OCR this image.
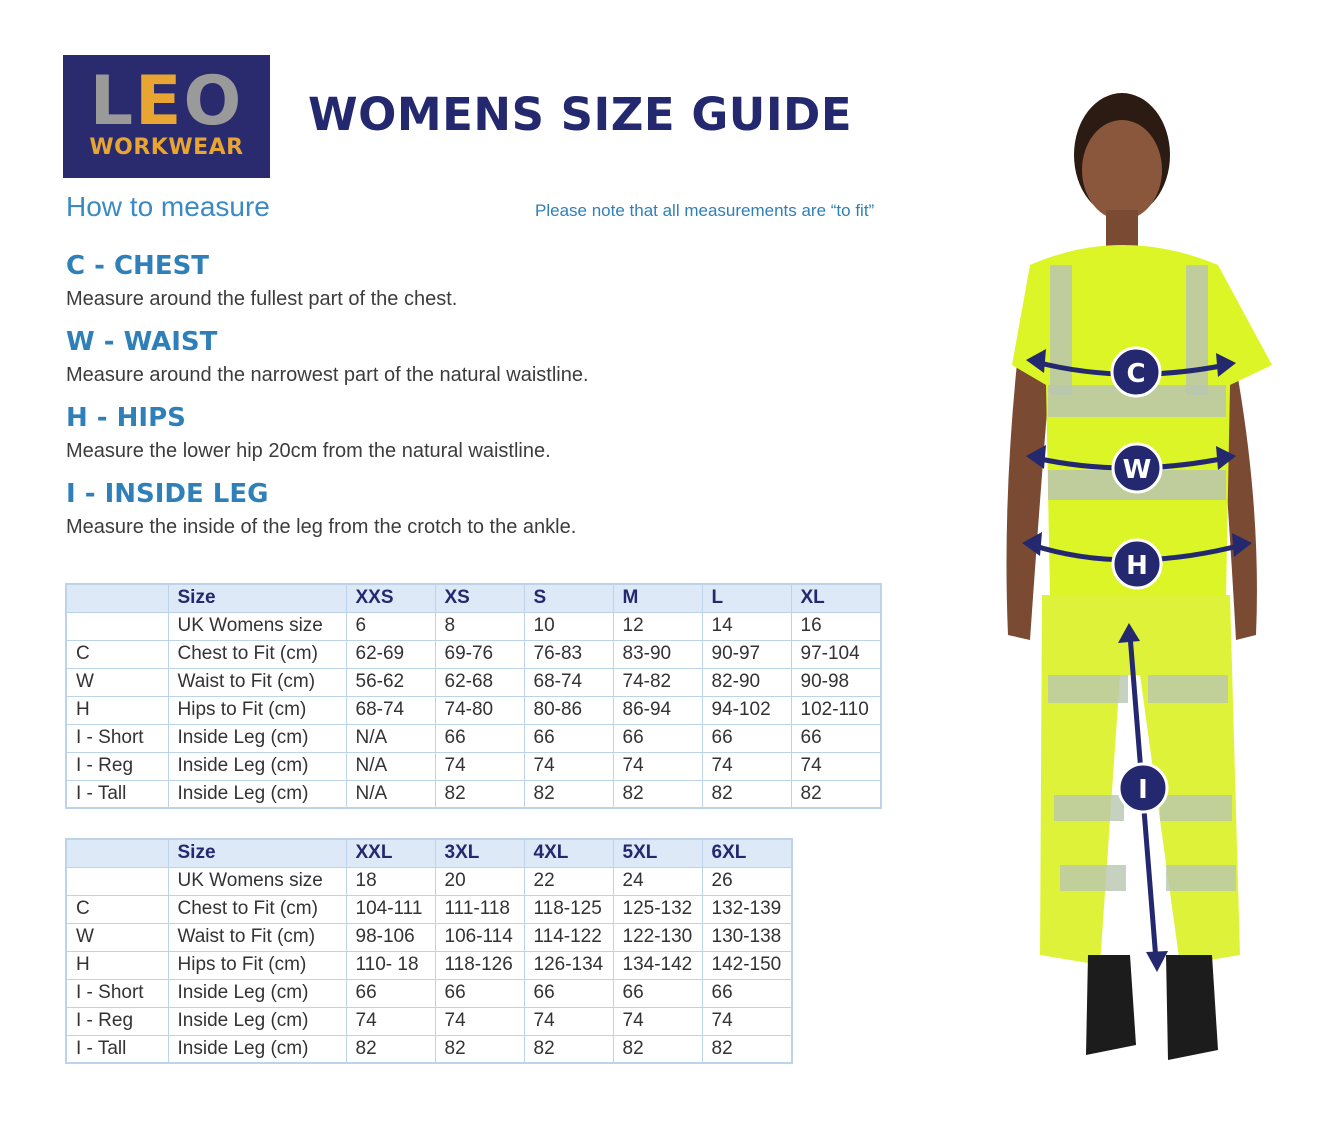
LEO
WORKWEAR
WOMENS SIZE GUIDE
How to measure	Please note that all measurements are “to fit”
C - CHEST
Measure around the fullest part of the chest.
W - WAIST
Measure around the narrowest part of the natural waistline.
H - HIPS
Measure the lower hip 20cm from the natural waistline.
I - INSIDE LEG
Measure the inside of the leg from the crotch to the ankle.
	Size	XXS	XS	S	M	L	XL
	UK Womens size	6	8	10	12	14	16
C	Chest to Fit (cm)	62-69	69-76	76-83	83-90	90-97	97-104
W	Waist to Fit (cm)	56-62	62-68	68-74	74-82	82-90	90-98
H	Hips to Fit (cm)	68-74	74-80	80-86	86-94	94-102	102-110
I - Short	Inside Leg (cm)	N/A	66	66	66	66	66
I - Reg	Inside Leg (cm)	N/A	74	74	74	74	74
I - Tall	Inside Leg (cm)	N/A	82	82	82	82	82
	Size	XXL	3XL	4XL	5XL	6XL
	UK Womens size	18	20	22	24	26
C	Chest to Fit (cm)	104-111	111-118	118-125	125-132	132-139
W	Waist to Fit (cm)	98-106	106-114	114-122	122-130	130-138
H	Hips to Fit (cm)	110- 18	118-126	126-134	134-142	142-150
I - Short	Inside Leg (cm)	66	66	66	66	66
I - Reg	Inside Leg (cm)	74	74	74	74	74
I - Tall	Inside Leg (cm)	82	82	82	82	82
C
W
H
I
